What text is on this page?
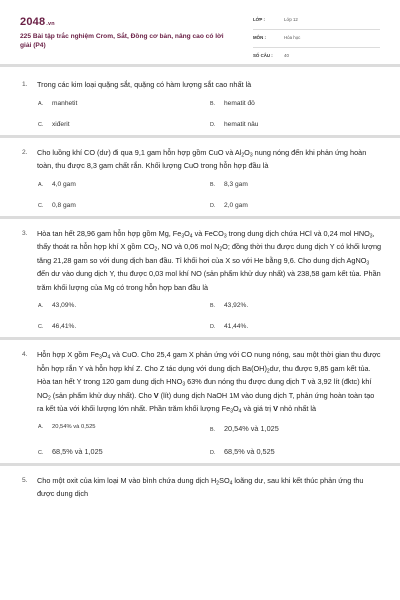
2048.vn
225 Bài tập trắc nghiệm Crom, Sắt, Đồng cơ bản, nâng cao có lời giải (P4)
LỚP :	Lớp 12
MÔN :	Hóa học
SỐ CÂU :	40
1.	Trong các kim loại quặng sắt, quặng có hàm lượng sắt cao nhất là
A.	manhetit	B.	hematit đỏ
C.	xiđerit	D.	hematit nâu
2.	Cho luồng khí CO (dư) đi qua 9,1 gam hỗn hợp gồm CuO và $Al_2O_3$ nung nóng đến khi phản ứng hoàn toàn, thu được 8,3 gam chất rắn. Khối lượng CuO trong hỗn hợp đầu là
A.	4,0 gam	B.	8,3 gam
C.	0,8 gam	D.	2,0 gam
3.	Hòa tan hết 28,96 gam hỗn hợp gồm Mg, $Fe_3O_4$ và FeCO$_3$ trong dung dịch chứa HCl và 0,24 mol $HNO_3$, thấy thoát ra hỗn hợp khí X gồm $CO_2$, NO và 0,06 mol $N_2O$; đồng thời thu được dung dịch Y có khối lượng tăng 21,28 gam so với dung dịch ban đầu. Tỉ khối hơi của X so với He bằng 9,6. Cho dung dịch AgNO$_3$ đến dư vào dung dịch Y, thu được 0,03 mol khí NO (sản phẩm khử duy nhất) và 238,58 gam kết tủa. Phần trăm khối lượng của Mg có trong hỗn hợp ban đầu là
A.	43,09%.	B.	43,92%.
C.	46,41%.	D.	41,44%.
4.	Hỗn hợp X gồm $Fe_3O_4$ và CuO. Cho 25,4 gam X phản ứng với CO nung nóng, sau một thời gian thu được hỗn hợp rắn Y và hỗn hợp khí Z. Cho Z tác dụng với dung dịch $Ba(OH)_2dư$, thu được 9,85 gam kết tủa. Hòa tan hết Y trong 120 gam dung dịch $HNO_3$ 63% đun nóng thu được dung dịch T và 3,92 lít (đktc) khí $NO_2$ (sản phẩm khử duy nhất). Cho V (lít) dung dịch NaOH 1M vào dung dịch T, phản ứng hoàn toàn tạo ra kết tủa với khối lượng lớn nhất. Phần trăm khối lượng $Fe_3O_4$ và giá trị V nhỏ nhất là
A.	20,54% và 0,525	B.	20,54% và 1,025
C.	68,5% và 1,025	D.	68,5% và 0,525
5.	Cho một oxit của kim loại M vào bình chứa dung dịch $H_2SO_4$ loãng dư, sau khi kết thúc phản ứng thu được dung dịch
